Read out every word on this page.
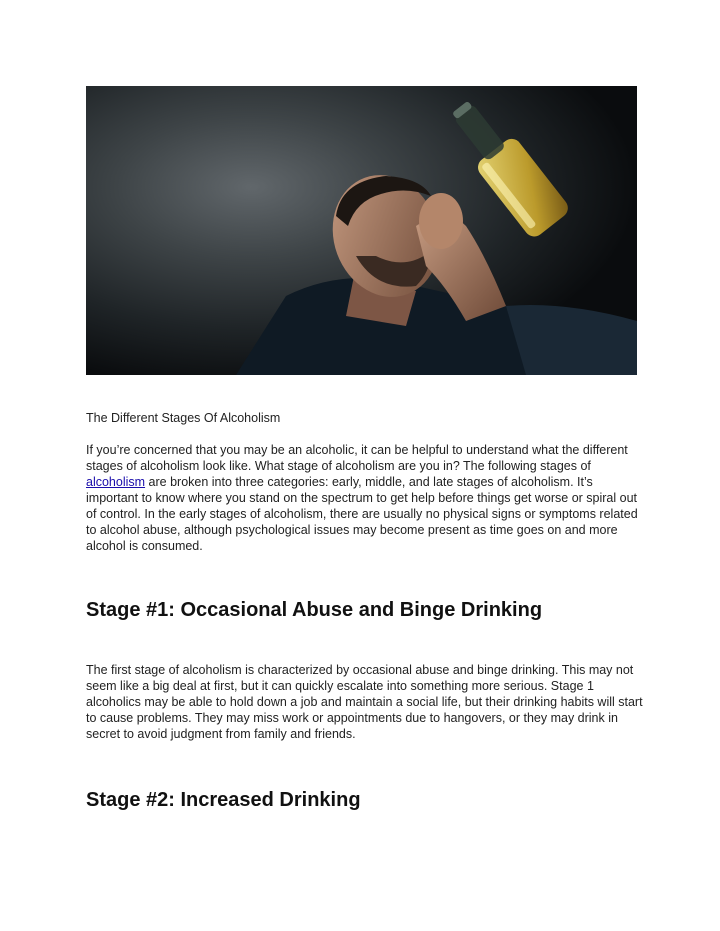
The Different Stages Of Alcoholism

If you’re concerned that you may be an alcoholic, it can be helpful to understand what the different stages of alcoholism look like. What stage of alcoholism are you in? The following stages of alcoholism are broken into three categories: early, middle, and late stages of alcoholism. It’s important to know where you stand on the spectrum to get help before things get worse or spiral out of control. In the early stages of alcoholism, there are usually no physical signs or symptoms related to alcohol abuse, although psychological issues may become present as time goes on and more alcohol is consumed.

Stage #1: Occasional Abuse and Binge Drinking

The first stage of alcoholism is characterized by occasional abuse and binge drinking. This may not seem like a big deal at first, but it can quickly escalate into something more serious. Stage 1 alcoholics may be able to hold down a job and maintain a social life, but their drinking habits will start to cause problems. They may miss work or appointments due to hangovers, or they may drink in secret to avoid judgment from family and friends.

Stage #2: Increased Drinking
